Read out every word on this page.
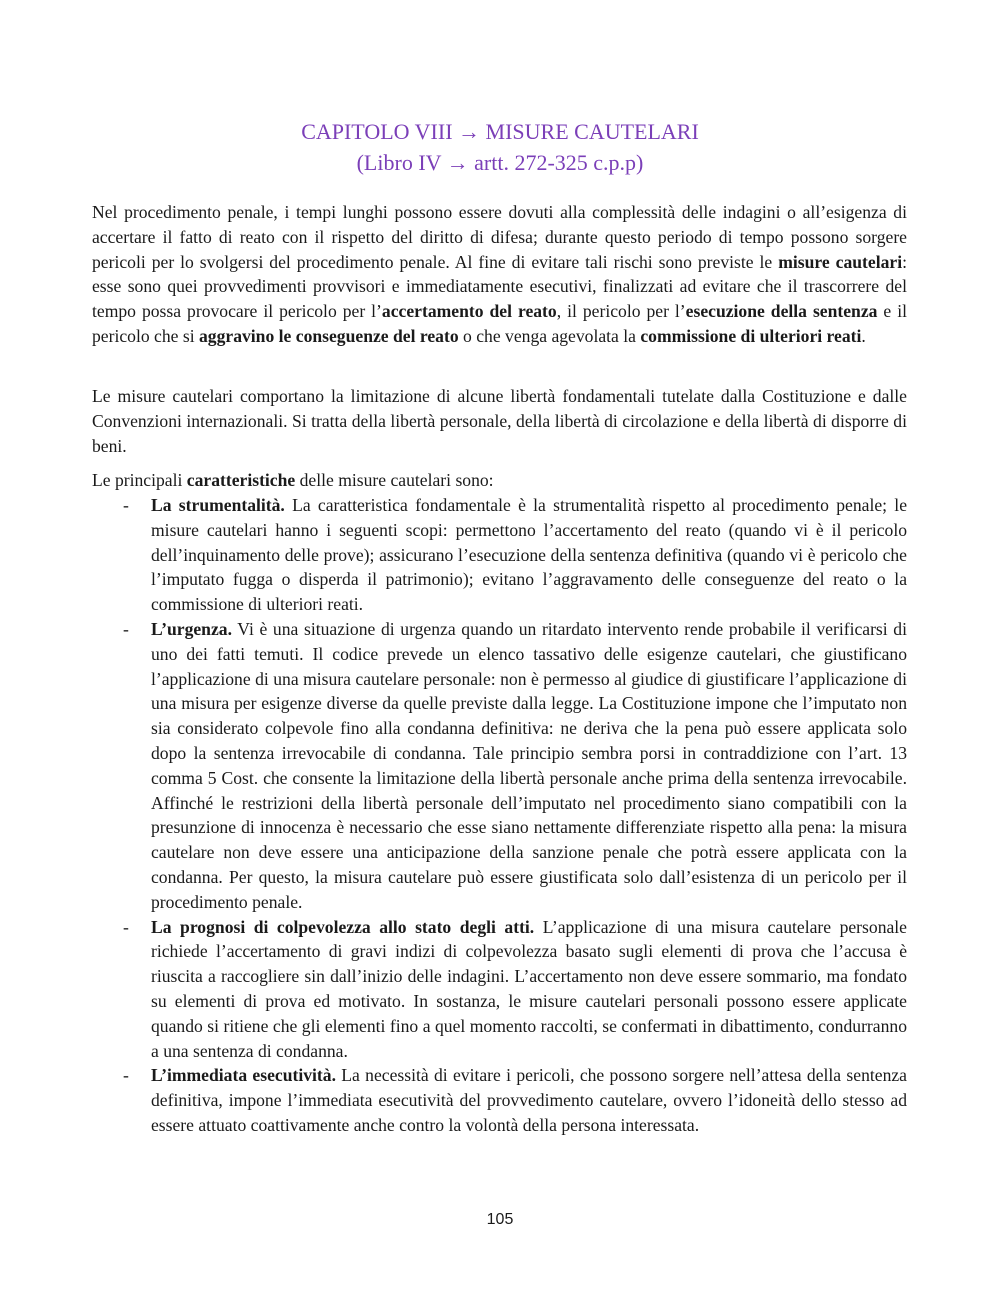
CAPITOLO VIII → MISURE CAUTELARI
(Libro IV → artt. 272-325 c.p.p)
Nel procedimento penale, i tempi lunghi possono essere dovuti alla complessità delle indagini o all’esigenza di accertare il fatto di reato con il rispetto del diritto di difesa; durante questo periodo di tempo possono sorgere pericoli per lo svolgersi del procedimento penale. Al fine di evitare tali rischi sono previste le misure cautelari: esse sono quei provvedimenti provvisori e immediatamente esecutivi, finalizzati ad evitare che il trascorrere del tempo possa provocare il pericolo per l’accertamento del reato, il pericolo per l’esecuzione della sentenza e il pericolo che si aggravino le conseguenze del reato o che venga agevolata la commissione di ulteriori reati.
Le misure cautelari comportano la limitazione di alcune libertà fondamentali tutelate dalla Costituzione e dalle Convenzioni internazionali. Si tratta della libertà personale, della libertà di circolazione e della libertà di disporre di beni.
Le principali caratteristiche delle misure cautelari sono:
- La strumentalità. La caratteristica fondamentale è la strumentalità rispetto al procedimento penale; le misure cautelari hanno i seguenti scopi: permettono l’accertamento del reato (quando vi è il pericolo dell’inquinamento delle prove); assicurano l’esecuzione della sentenza definitiva (quando vi è pericolo che l’imputato fugga o disperda il patrimonio); evitano l’aggravamento delle conseguenze del reato o la commissione di ulteriori reati.
- L’urgenza. Vi è una situazione di urgenza quando un ritardato intervento rende probabile il verificarsi di uno dei fatti temuti. Il codice prevede un elenco tassativo delle esigenze cautelari, che giustificano l’applicazione di una misura cautelare personale: non è permesso al giudice di giustificare l’applicazione di una misura per esigenze diverse da quelle previste dalla legge. La Costituzione impone che l’imputato non sia considerato colpevole fino alla condanna definitiva: ne deriva che la pena può essere applicata solo dopo la sentenza irrevocabile di condanna. Tale principio sembra porsi in contraddizione con l’art. 13 comma 5 Cost. che consente la limitazione della libertà personale anche prima della sentenza irrevocabile. Affinché le restrizioni della libertà personale dell’imputato nel procedimento siano compatibili con la presunzione di innocenza è necessario che esse siano nettamente differenziate rispetto alla pena: la misura cautelare non deve essere una anticipazione della sanzione penale che potrà essere applicata con la condanna. Per questo, la misura cautelare può essere giustificata solo dall’esistenza di un pericolo per il procedimento penale.
- La prognosi di colpevolezza allo stato degli atti. L’applicazione di una misura cautelare personale richiede l’accertamento di gravi indizi di colpevolezza basato sugli elementi di prova che l’accusa è riuscita a raccogliere sin dall’inizio delle indagini. L’accertamento non deve essere sommario, ma fondato su elementi di prova ed motivato. In sostanza, le misure cautelari personali possono essere applicate quando si ritiene che gli elementi fino a quel momento raccolti, se confermati in dibattimento, condurranno a una sentenza di condanna.
- L’immediata esecutività. La necessità di evitare i pericoli, che possono sorgere nell’attesa della sentenza definitiva, impone l’immediata esecutività del provvedimento cautelare, ovvero l’idoneità dello stesso ad essere attuato coattivamente anche contro la volontà della persona interessata.
105
